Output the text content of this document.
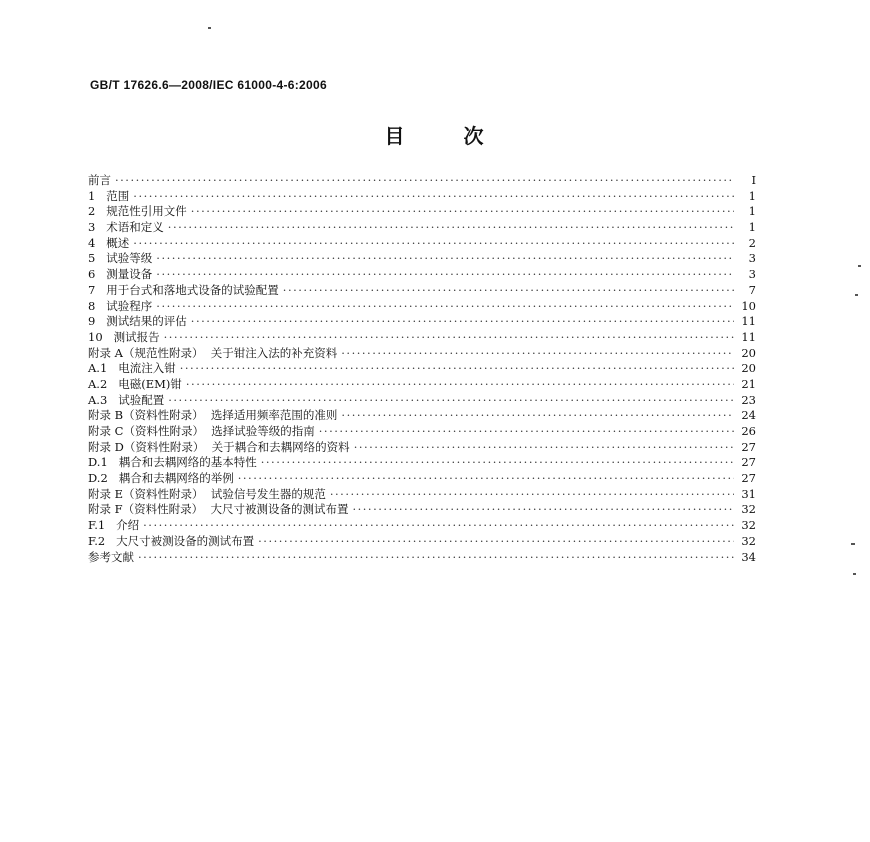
GB/T 17626.6—2008/IEC 61000-4-6:2006
目 次
前言 ·····	Ⅰ
1   范围 ·····	1
2   规范性引用文件 ·····	1
3   术语和定义 ·····	1
4   概述 ·····	2
5   试验等级 ·····	3
6   测量设备 ·····	3
7   用于台式和落地式设备的试验配置 ·····	7
8   试验程序 ·····	10
9   测试结果的评估 ·····	11
10   测试报告 ·····	11
附录 A（规范性附录）  关于钳注入法的补充资料 ·····	20
A.1   电流注入钳 ·····	20
A.2   电磁(EM)钳 ·····	21
A.3   试验配置 ·····	23
附录 B（资料性附录）  选择适用频率范围的准则 ·····	24
附录 C（资料性附录）  选择试验等级的指南 ·····	26
附录 D（资料性附录）  关于耦合和去耦网络的资料 ·····	27
D.1   耦合和去耦网络的基本特性 ·····	27
D.2   耦合和去耦网络的举例 ·····	27
附录 E（资料性附录）  试验信号发生器的规范 ·····	31
附录 F（资料性附录）  大尺寸被测设备的测试布置 ·····	32
F.1   介绍 ·····	32
F.2   大尺寸被测设备的测试布置 ·····	32
参考文献 ·····	34
